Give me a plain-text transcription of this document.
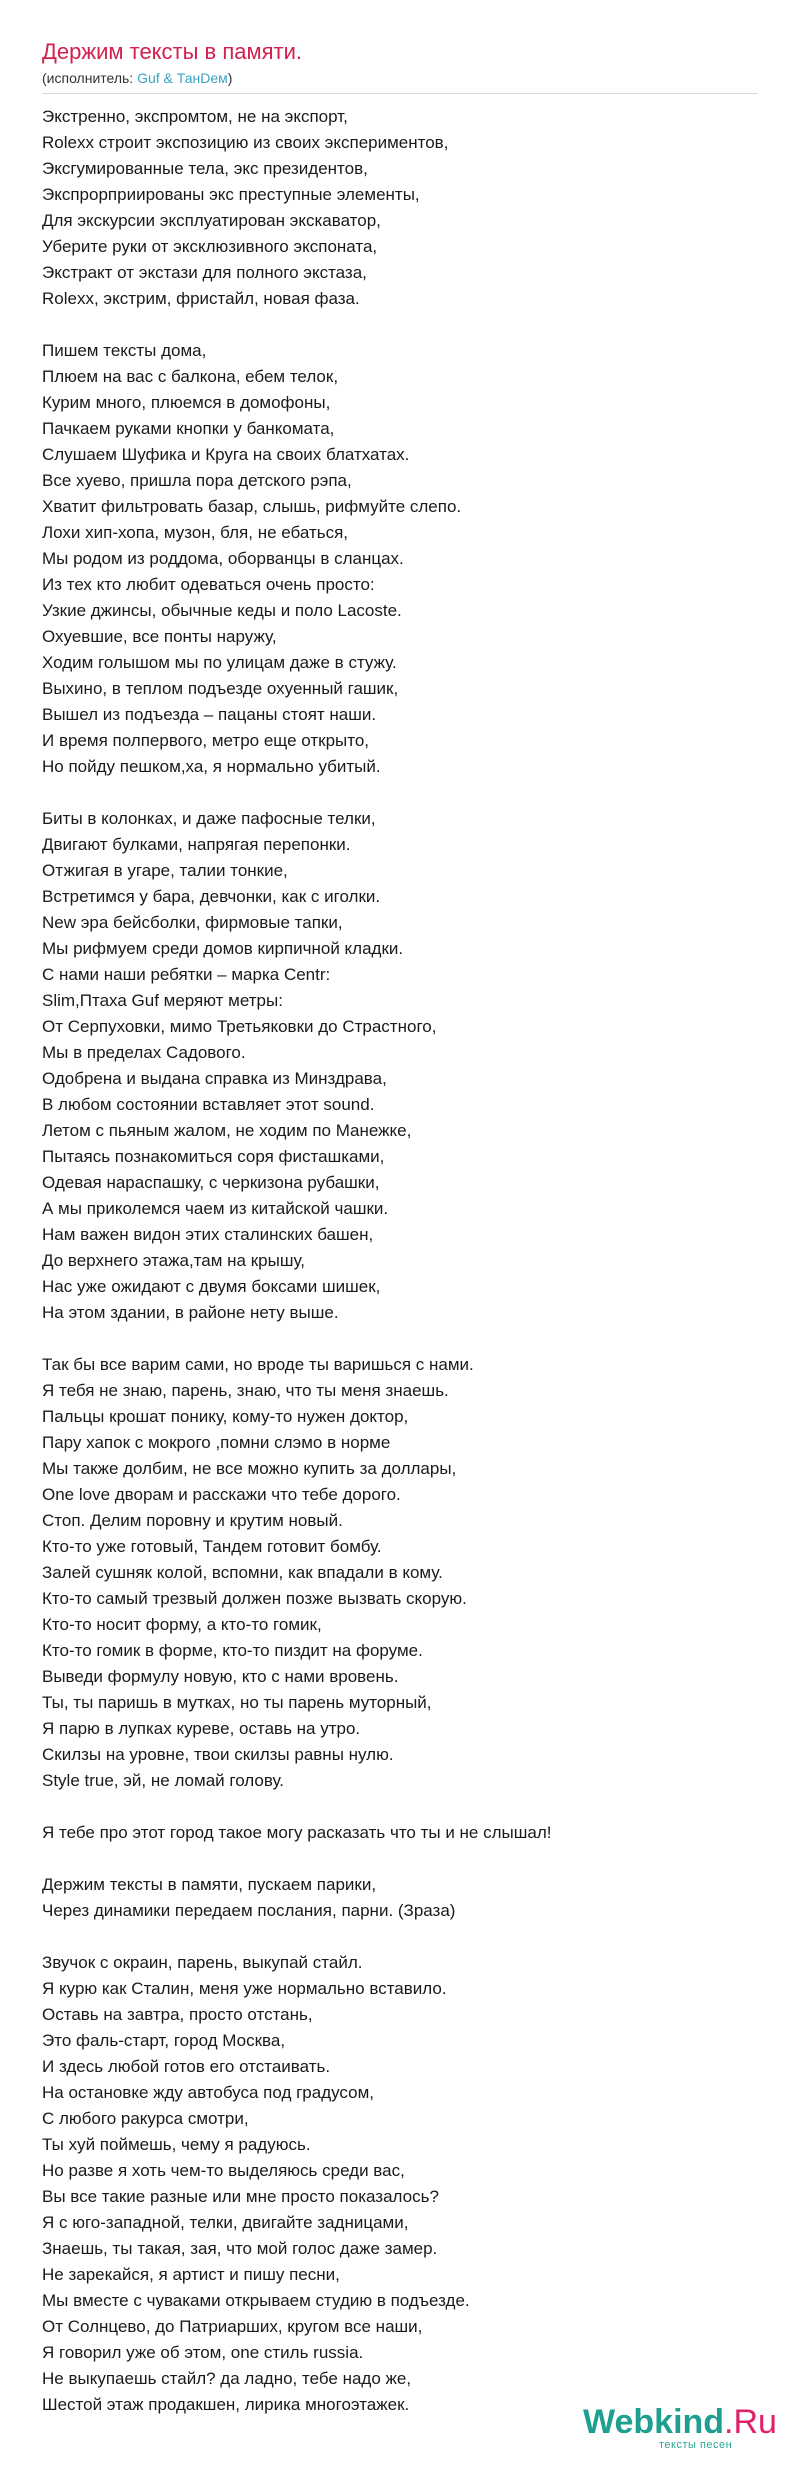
Держим тексты в памяти.
(исполнитель: Guf & ТанDем)
Экстренно, экспромтом, не на экспорт,
Rolexx строит экспозицию из своих экспериментов,
Эксгумированные тела, экс президентов,
Экспрорприированы экс преступные элементы,
Для экскурсии эксплуатирован экскаватор,
Уберите руки от эксклюзивного экспоната,
Экстракт от экстази для полного экстаза,
Rolexx, экстрим, фристайл, новая фаза.
Пишем тексты дома,
Плюем на вас с балкона, ебем телок,
Курим много, плюемся в домофоны,
Пачкаем руками кнопки у банкомата,
Слушаем Шуфика и Круга на своих блатхатах.
Все хуево, пришла пора детского рэпа,
Хватит фильтровать базар, слышь, рифмуйте слепо.
Лохи хип-хопа, музон, бля, не ебаться,
Мы родом из роддома, оборванцы в сланцах.
Из тех кто любит одеваться очень просто:
Узкие джинсы, обычные кеды и поло Lacoste.
Охуевшие, все понты наружу,
Ходим голышом мы по улицам даже в стужу.
Выхино, в теплом подъезде охуенный гашик,
Вышел из подъезда – пацаны стоят наши.
И время полпервого, метро еще открыто,
Но пойду пешком,ха, я нормально убитый.
Биты в колонках, и даже пафосные телки,
Двигают булками, напрягая перепонки.
Отжигая в угаре, талии тонкие,
Встретимся у бара, девчонки, как с иголки.
New эра бейсболки, фирмовые тапки,
Мы рифмуем среди домов кирпичной кладки.
С нами наши ребятки – марка Centr:
Slim,Птаха Guf меряют метры:
От Серпуховки, мимо Третьяковки до Страстного,
Мы в пределах Садового.
Одобрена и выдана справка из Минздрава,
В любом состоянии вставляет этот sound.
Летом с пьяным жалом, не ходим по Манежке,
Пытаясь познакомиться соря фисташками,
Одевая нараспашку, с черкизона рубашки,
А мы приколемся чаем из китайской чашки.
Нам важен видон этих сталинских башен,
До верхнего этажа,там на крышу,
Нас уже ожидают с двумя боксами шишек,
На этом здании, в районе нету выше.
Так бы все варим сами, но вроде ты варишься с нами.
Я тебя не знаю, парень, знаю, что ты меня знаешь.
Пальцы крошат понику, кому-то нужен доктор,
Пару хапок с мокрого ,помни слэмо в норме
Мы также долбим, не все можно купить за доллары,
One love дворам и расскажи что тебе дорого.
Стоп. Делим поровну и крутим новый.
Кто-то уже готовый, Тандем готовит бомбу.
Залей сушняк колой, вспомни, как впадали в кому.
Кто-то самый трезвый должен позже вызвать скорую.
Кто-то носит форму, а кто-то гомик,
Кто-то гомик в форме, кто-то пиздит на форуме.
Выведи формулу новую, кто с нами вровень.
Ты, ты паришь в мутках, но ты парень муторный,
Я парю в лупках куреве, оставь на утро.
Скилзы на уровне, твои скилзы равны нулю.
Style true, эй, не ломай голову.
Я тебе про этот город такое могу расказать что ты и не слышал!
Держим тексты в памяти, пускаем парики,
Через динамики передаем послания, парни. (Зраза)
Звучок с окраин, парень, выкупай стайл.
Я курю как Сталин, меня уже нормально вставило.
Оставь на завтра, просто отстань,
Это фаль-старт, город Москва,
И здесь любой готов его отстаивать.
На остановке жду автобуса под градусом,
С любого ракурса смотри,
Ты хуй поймешь, чему я радуюсь.
Но разве я хоть чем-то выделяюсь среди вас,
Вы все такие разные или мне просто показалось?
Я с юго-западной, телки, двигайте задницами,
Знаешь, ты такая, зая, что мой голос даже замер.
Не зарекайся, я артист и пишу песни,
Мы вместе с чуваками открываем студию в подъезде.
От Солнцево, до Патриарших, кругом все наши,
Я говорил уже об этом, one стиль russia.
Не выкупаешь стайл? да ладно, тебе надо же,
Шестой этаж продакшен, лирика многоэтажек.	Webkind.Ru
тексты песен
